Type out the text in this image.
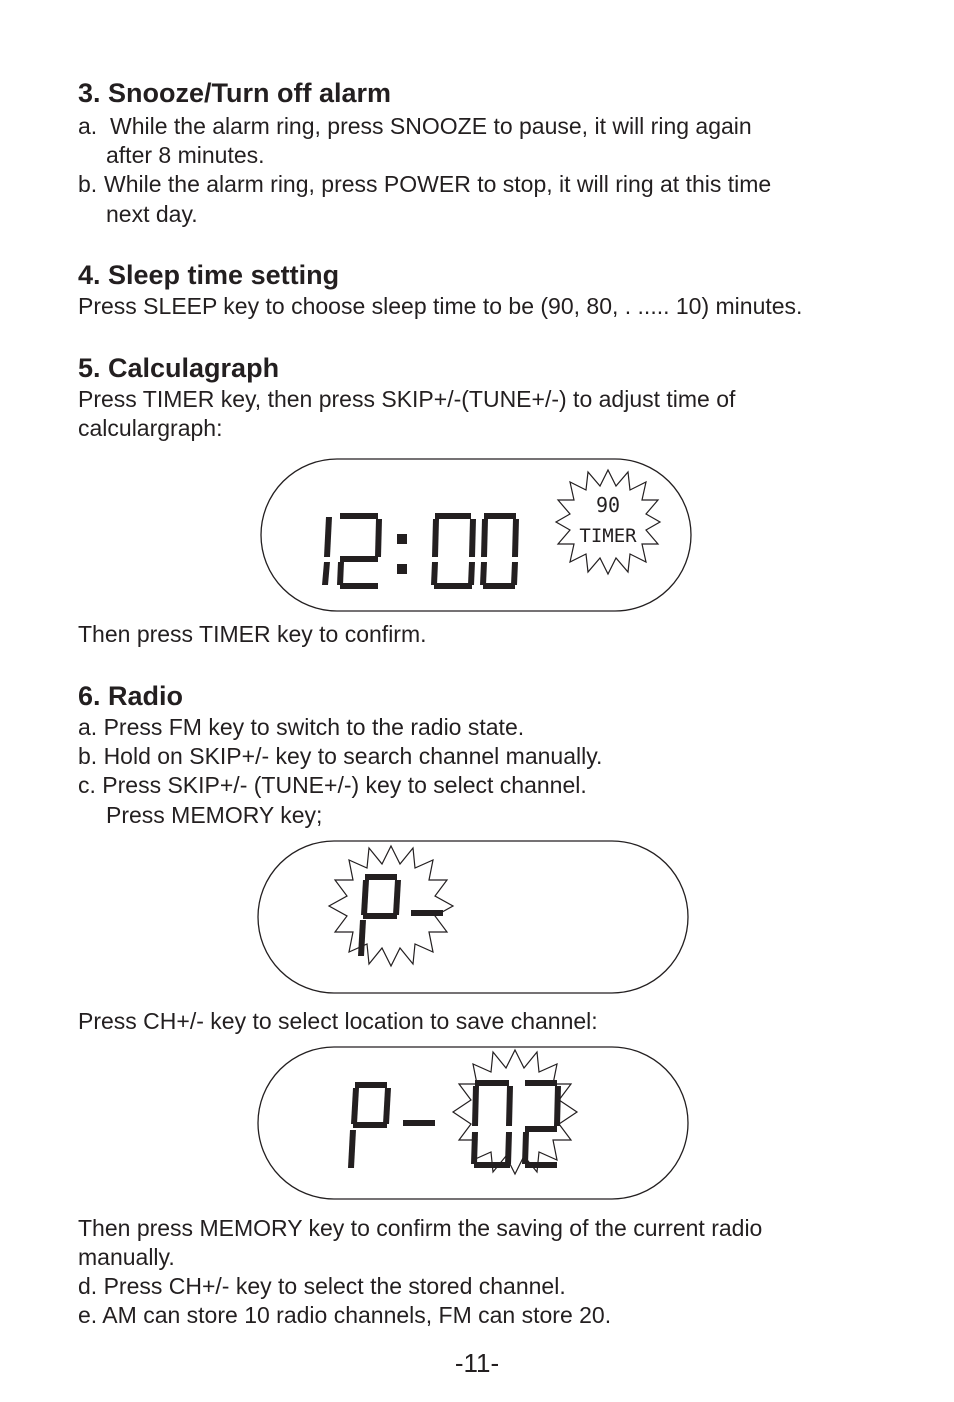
3. Snooze/Turn off alarm
a. While the alarm ring, press SNOOZE to pause, it will ring again
after 8 minutes.
b. While the alarm ring, press POWER to stop, it will ring at this time
next day.
4. Sleep time setting
Press SLEEP key to choose sleep time to be (90, 80, . ..... 10) minutes.
5. Calculagraph
Press TIMER key, then press SKIP+/-(TUNE+/-) to adjust time of
calculargraph:
90
TIMER
Then press TIMER key to confirm.
6. Radio
a. Press FM key to switch to the radio state.
b. Hold on SKIP+/- key to search channel manually.
c. Press SKIP+/- (TUNE+/-) key to select channel.
Press MEMORY key;
Press CH+/- key to select location to save channel:
Then press MEMORY key to confirm the saving of the current radio
manually.
d. Press CH+/- key to select the stored channel.
e. AM can store 10 radio channels, FM can store 20.
-11-
